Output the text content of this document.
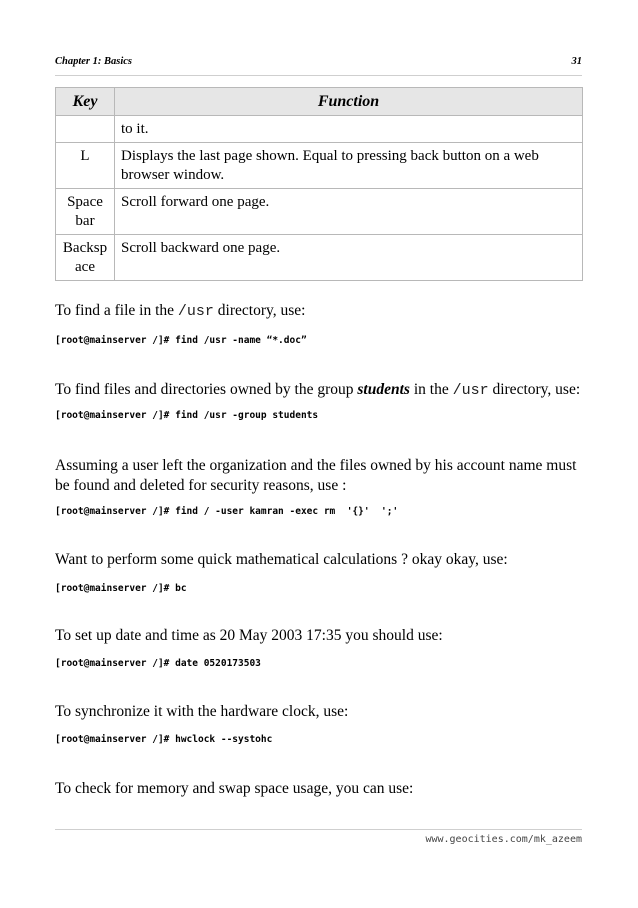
Chapter 1: Basics	31
Key	Function
	to it.
L	Displays the last page shown. Equal to pressing back button on a web browser window.
Space bar	Scroll forward one page.
Backsp ace	Scroll backward one page.
To find a file in the /usr directory, use:
[root@mainserver /]# find /usr -name “*.doc”
To find files and directories owned by the group students in the /usr directory, use:
[root@mainserver /]# find /usr -group students
Assuming a user left the organization and the files owned by his account name must be found and deleted for security reasons, use :
[root@mainserver /]# find / -user kamran -exec rm  '{}'  ';'
Want to perform some quick mathematical calculations ? okay okay, use:
[root@mainserver /]# bc
To set up date and time as 20 May 2003 17:35 you should use:
[root@mainserver /]# date 0520173503
To synchronize it with the hardware clock, use:
[root@mainserver /]# hwclock --systohc
To check for memory and swap space usage, you can use:
www.geocities.com/mk_azeem
